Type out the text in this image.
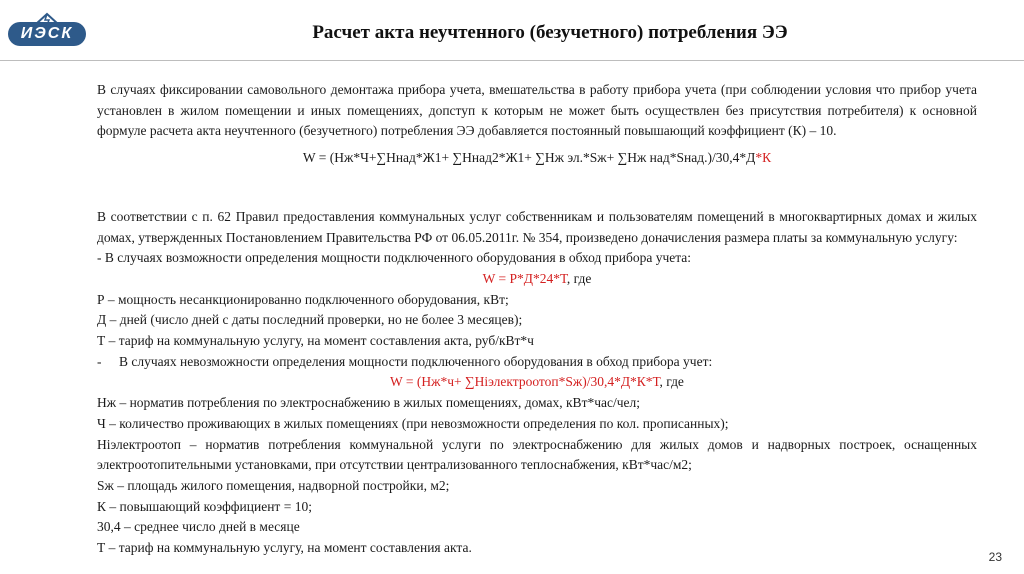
ИЭСК	Расчет акта неучтенного (безучетного) потребления ЭЭ

В случаях фиксировании самовольного демонтажа прибора учета, вмешательства в работу прибора учета (при соблюдении условия что прибор учета установлен в жилом помещении и иных помещениях, допступ к которым не может быть осуществлен без присутствия потребителя) к основной формуле расчета акта неучтенного (безучетного) потребления ЭЭ добавляется постоянный повышающий коэффициент (К) – 10.

W = (Нж*Ч+∑Ннад*Ж1+ ∑Ннад2*Ж1+ ∑Нж эл.*Sж+ ∑Нж над*Sнад.)/30,4*Д*К

В соответствии с п. 62 Правил предоставления коммунальных услуг собственникам и пользователям помещений в многоквартирных домах и жилых домах, утвержденных Постановлением Правительства РФ от 06.05.2011г. № 354, произведено доначисления размера платы за коммунальную услугу:

- В случаях возможности определения мощности подключенного оборудования в обход прибора учета:

W = Р*Д*24*Т, где

Р – мощность несанкционированно подключенного оборудования, кВт;

Д – дней (число дней с даты последний проверки, но не более 3 месяцев);

Т – тариф на коммунальную услугу, на момент составления акта, руб/кВт*ч

-	В случаях невозможности определения мощности подключенного оборудования в обход прибора учет:

W = (Нж*ч+ ∑Ніэлектроотоп*Sж)/30,4*Д*К*Т, где

Нж – норматив потребления по электроснабжению в жилых помещениях, домах, кВт*час/чел;

Ч – количество проживающих в жилых помещениях (при невозможности определения по кол. прописанных);

Ніэлектроотоп – норматив потребления коммунальной услуги по электроснабжению для жилых домов и надворных построек, оснащенных электроотопительными установками, при отсутствии централизованного теплоснабжения, кВт*час/м2;

Sж – площадь жилого помещения, надворной постройки, м2;

К – повышающий коэффициент = 10;

30,4 – среднее число дней в месяце

Т – тариф на коммунальную услугу, на момент составления акта.

23
